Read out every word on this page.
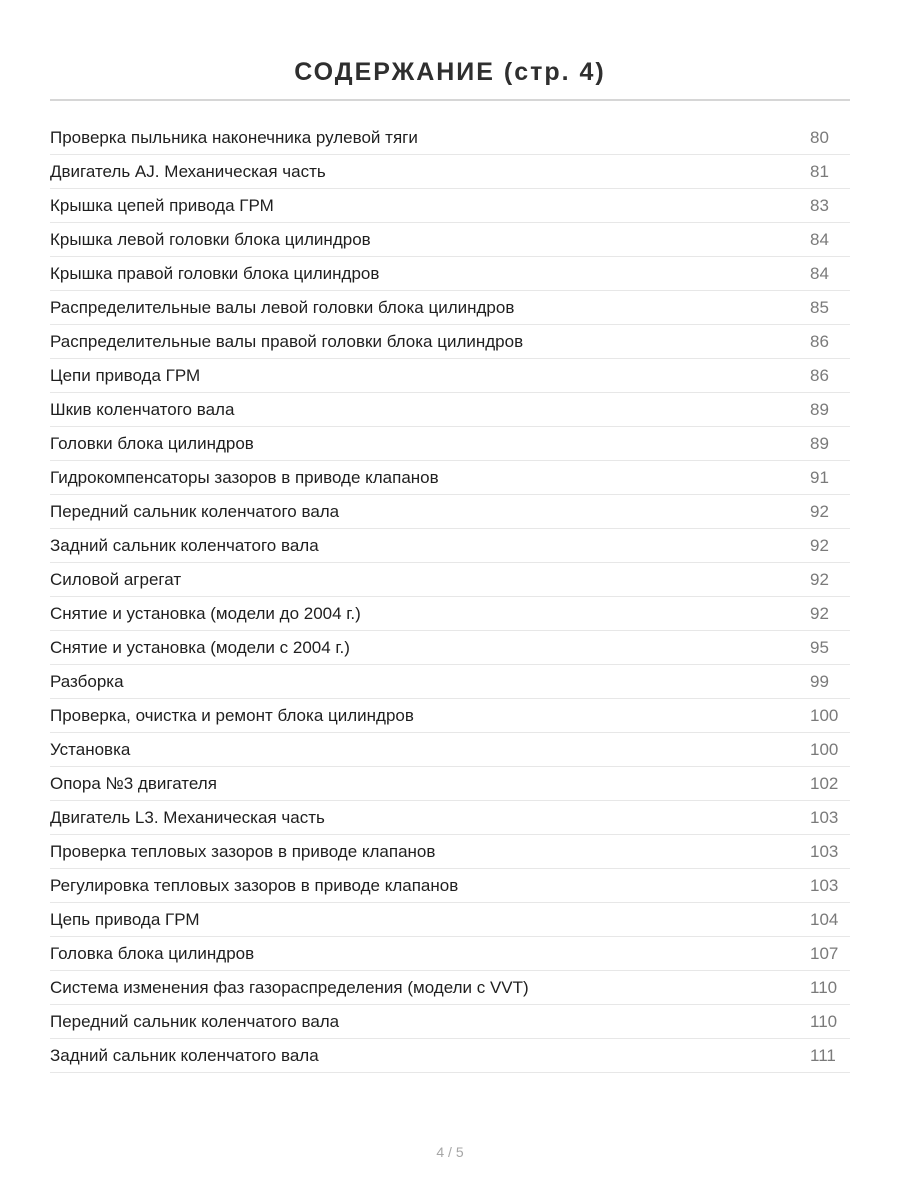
СОДЕРЖАНИЕ (стр. 4)
Проверка пыльника наконечника рулевой тяги	80
Двигатель AJ. Механическая часть	81
Крышка цепей привода ГРМ	83
Крышка левой головки блока цилиндров	84
Крышка правой головки блока цилиндров	84
Распределительные валы левой головки блока цилиндров	85
Распределительные валы правой головки блока цилиндров	86
Цепи привода ГРМ	86
Шкив коленчатого вала	89
Головки блока цилиндров	89
Гидрокомпенсаторы зазоров в приводе клапанов	91
Передний сальник коленчатого вала	92
Задний сальник коленчатого вала	92
Силовой агрегат	92
Снятие и установка (модели до 2004 г.)	92
Снятие и установка (модели с 2004 г.)	95
Разборка	99
Проверка, очистка и ремонт блока цилиндров	100
Установка	100
Опора №3 двигателя	102
Двигатель L3. Механическая часть	103
Проверка тепловых зазоров в приводе клапанов	103
Регулировка тепловых зазоров в приводе клапанов	103
Цепь привода ГРМ	104
Головка блока цилиндров	107
Система изменения фаз газораспределения (модели с VVT)	110
Передний сальник коленчатого вала	110
Задний сальник коленчатого вала	111
4 / 5
